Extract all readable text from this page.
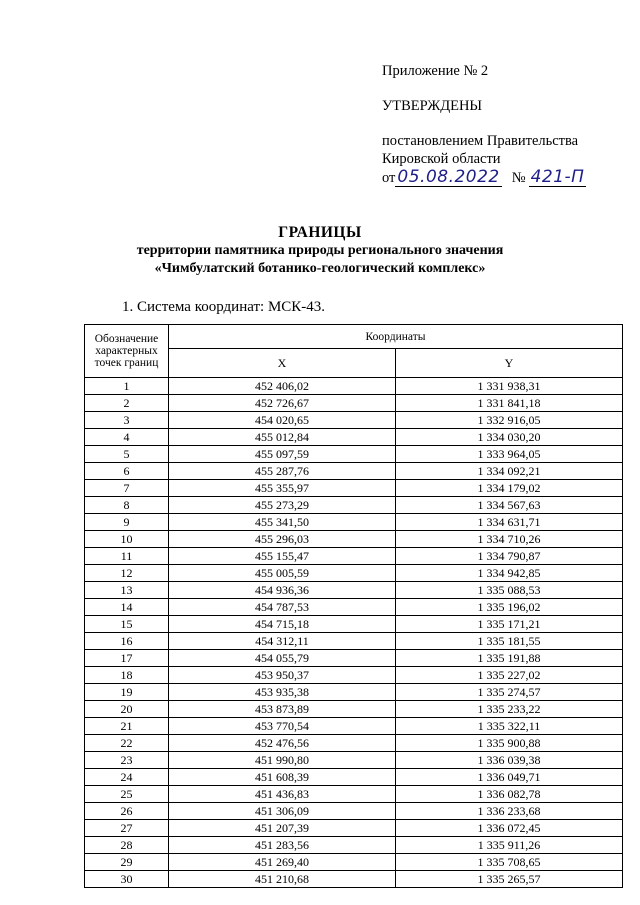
Приложение № 2
УТВЕРЖДЕНЫ
постановлением Правительства
Кировской области
от 05.08.2022 № 421-П
ГРАНИЦЫ
территории памятника природы регионального значения
«Чимбулатский ботанико-геологический комплекс»
1. Система координат: МСК-43.
Обозначение характерных точек границ	Координаты	
	X	Y
1	452 406,02	1 331 938,31
2	452 726,67	1 331 841,18
3	454 020,65	1 332 916,05
4	455 012,84	1 334 030,20
5	455 097,59	1 333 964,05
6	455 287,76	1 334 092,21
7	455 355,97	1 334 179,02
8	455 273,29	1 334 567,63
9	455 341,50	1 334 631,71
10	455 296,03	1 334 710,26
11	455 155,47	1 334 790,87
12	455 005,59	1 334 942,85
13	454 936,36	1 335 088,53
14	454 787,53	1 335 196,02
15	454 715,18	1 335 171,21
16	454 312,11	1 335 181,55
17	454 055,79	1 335 191,88
18	453 950,37	1 335 227,02
19	453 935,38	1 335 274,57
20	453 873,89	1 335 233,22
21	453 770,54	1 335 322,11
22	452 476,56	1 335 900,88
23	451 990,80	1 336 039,38
24	451 608,39	1 336 049,71
25	451 436,83	1 336 082,78
26	451 306,09	1 336 233,68
27	451 207,39	1 336 072,45
28	451 283,56	1 335 911,26
29	451 269,40	1 335 708,65
30	451 210,68	1 335 265,57
